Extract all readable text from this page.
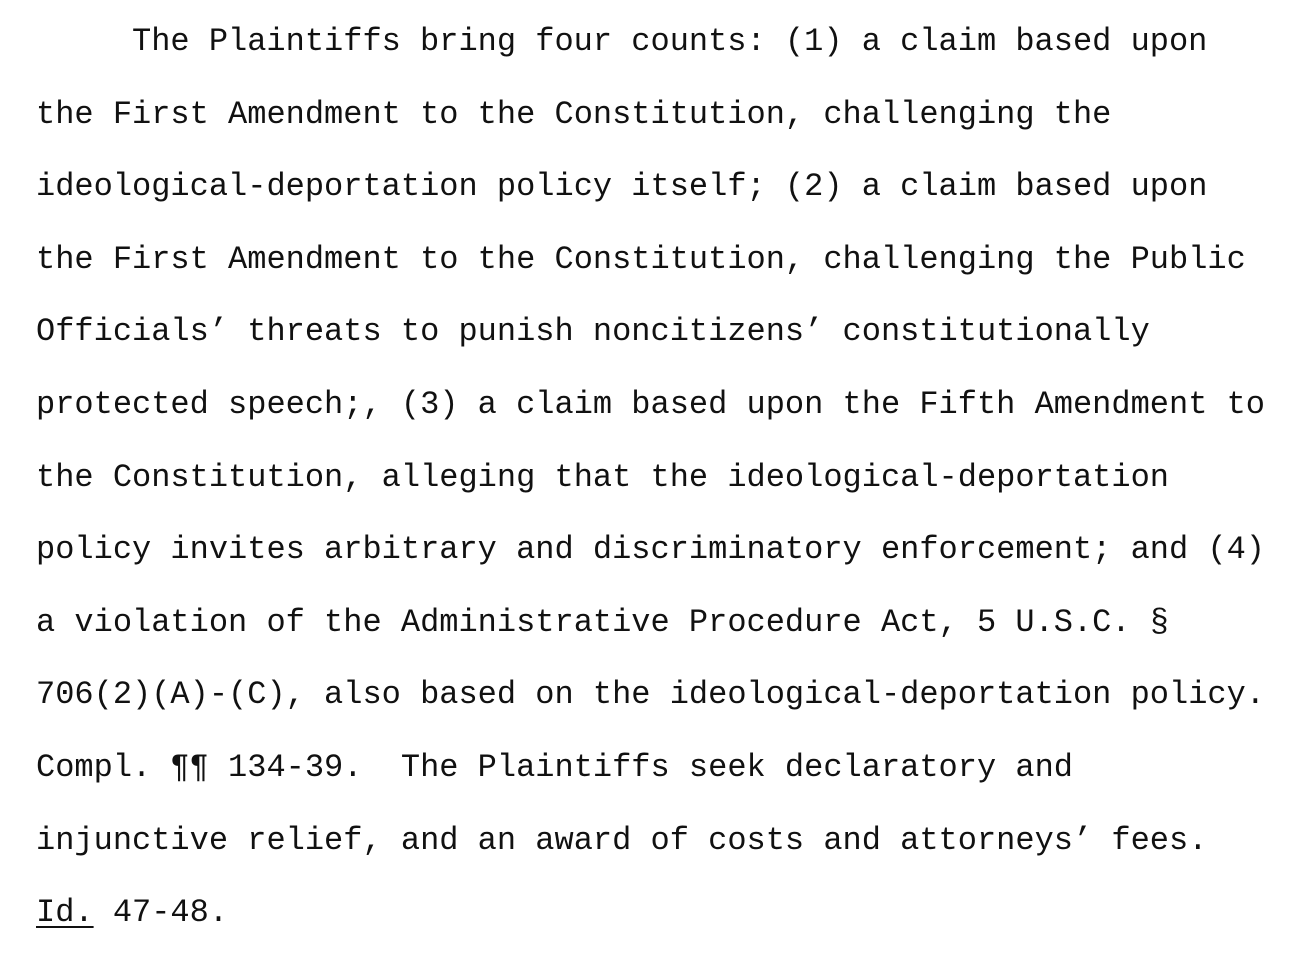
The Plaintiffs bring four counts: (1) a claim based upon
the First Amendment to the Constitution, challenging the
ideological-deportation policy itself; (2) a claim based upon
the First Amendment to the Constitution, challenging the Public
Officials’ threats to punish noncitizens’ constitutionally
protected speech;, (3) a claim based upon the Fifth Amendment to
the Constitution, alleging that the ideological-deportation
policy invites arbitrary and discriminatory enforcement; and (4)
a violation of the Administrative Procedure Act, 5 U.S.C. §
706(2)(A)-(C), also based on the ideological-deportation policy.
Compl. ¶¶ 134-39.  The Plaintiffs seek declaratory and
injunctive relief, and an award of costs and attorneys’ fees.
Id. 47-48.
